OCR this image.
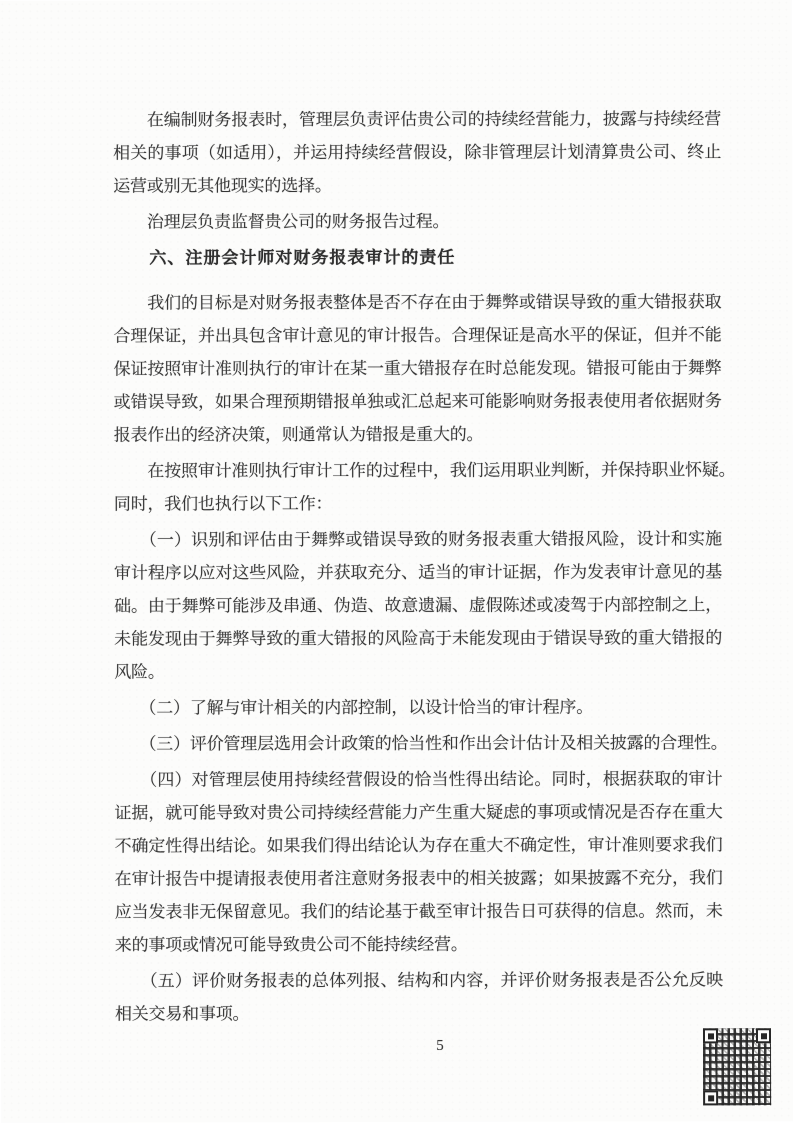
　　在编制财务报表时，管理层负责评估贵公司的持续经营能力，披露与持续经营
相关的事项（如适用），并运用持续经营假设，除非管理层计划清算贵公司、终止
运营或别无其他现实的选择。
　　治理层负责监督贵公司的财务报告过程。
六、注册会计师对财务报表审计的责任
　　我们的目标是对财务报表整体是否不存在由于舞弊或错误导致的重大错报获取
合理保证，并出具包含审计意见的审计报告。合理保证是高水平的保证，但并不能
保证按照审计准则执行的审计在某一重大错报存在时总能发现。错报可能由于舞弊
或错误导致，如果合理预期错报单独或汇总起来可能影响财务报表使用者依据财务
报表作出的经济决策，则通常认为错报是重大的。
　　在按照审计准则执行审计工作的过程中，我们运用职业判断，并保持职业怀疑。
同时，我们也执行以下工作：
　　（一）识别和评估由于舞弊或错误导致的财务报表重大错报风险，设计和实施
审计程序以应对这些风险，并获取充分、适当的审计证据，作为发表审计意见的基
础。由于舞弊可能涉及串通、伪造、故意遗漏、虚假陈述或凌驾于内部控制之上，
未能发现由于舞弊导致的重大错报的风险高于未能发现由于错误导致的重大错报的
风险。
　　（二）了解与审计相关的内部控制，以设计恰当的审计程序。
　　（三）评价管理层选用会计政策的恰当性和作出会计估计及相关披露的合理性。
　　（四）对管理层使用持续经营假设的恰当性得出结论。同时，根据获取的审计
证据，就可能导致对贵公司持续经营能力产生重大疑虑的事项或情况是否存在重大
不确定性得出结论。如果我们得出结论认为存在重大不确定性，审计准则要求我们
在审计报告中提请报表使用者注意财务报表中的相关披露；如果披露不充分，我们
应当发表非无保留意见。我们的结论基于截至审计报告日可获得的信息。然而，未
来的事项或情况可能导致贵公司不能持续经营。
　　（五）评价财务报表的总体列报、结构和内容，并评价财务报表是否公允反映
相关交易和事项。
5
